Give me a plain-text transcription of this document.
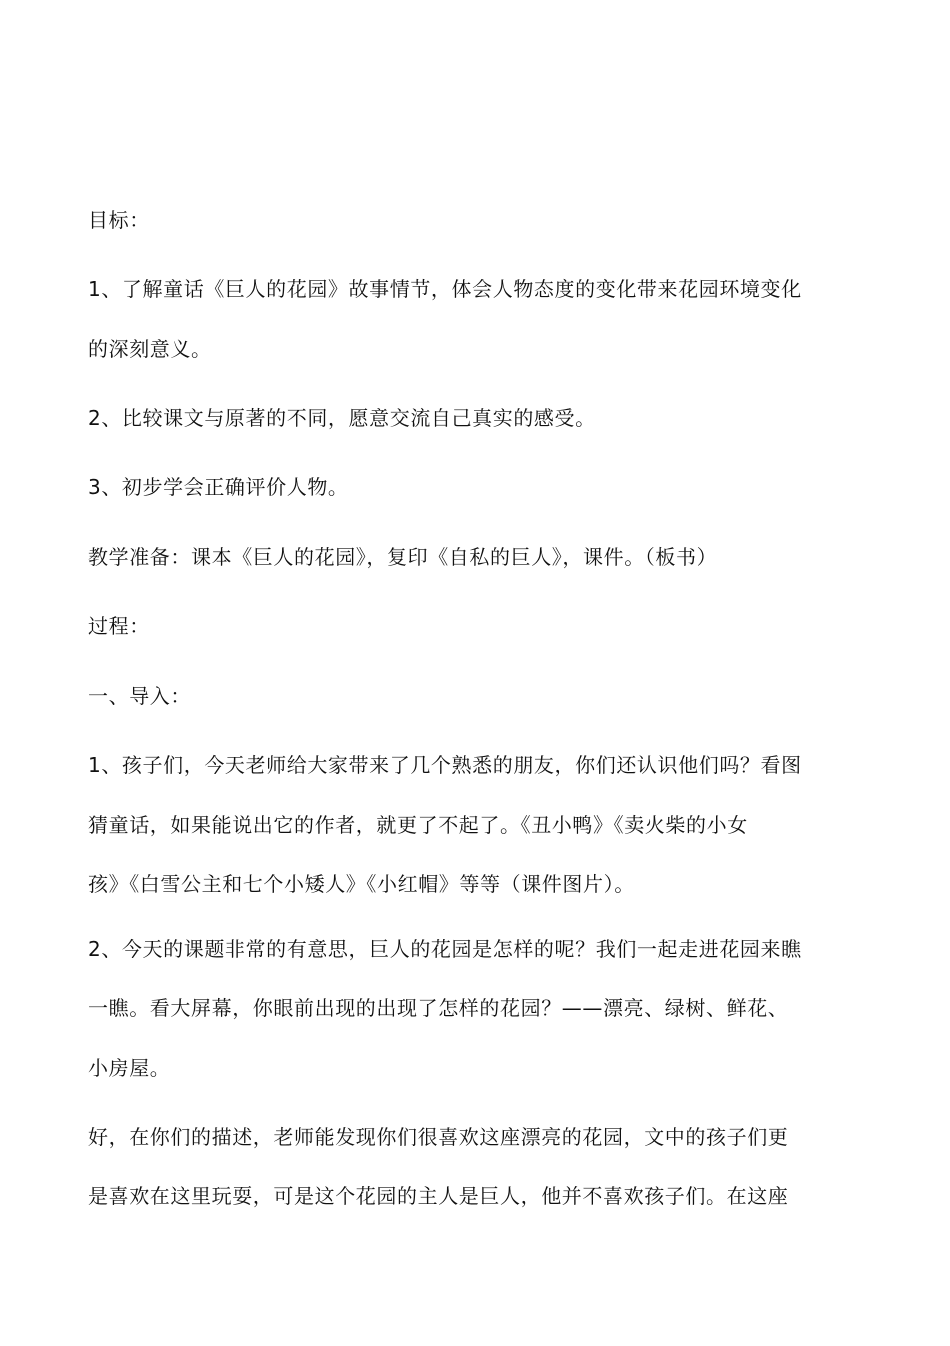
目标：
1、了解童话《巨人的花园》故事情节，体会人物态度的变化带来花园环境变化
的深刻意义。
2、比较课文与原著的不同，愿意交流自己真实的感受。
3、初步学会正确评价人物。
教学准备：课本《巨人的花园》，复印《自私的巨人》，课件。（板书）
过程：
一、导入：
1、孩子们，今天老师给大家带来了几个熟悉的朋友，你们还认识他们吗？看图
猜童话，如果能说出它的作者，就更了不起了。《丑小鸭》《卖火柴的小女
孩》《白雪公主和七个小矮人》《小红帽》等等（课件图片）。
2、今天的课题非常的有意思，巨人的花园是怎样的呢？我们一起走进花园来瞧
一瞧。看大屏幕，你眼前出现的出现了怎样的花园？——漂亮、绿树、鲜花、
小房屋。
好，在你们的描述，老师能发现你们很喜欢这座漂亮的花园，文中的孩子们更
是喜欢在这里玩耍，可是这个花园的主人是巨人，他并不喜欢孩子们。在这座
